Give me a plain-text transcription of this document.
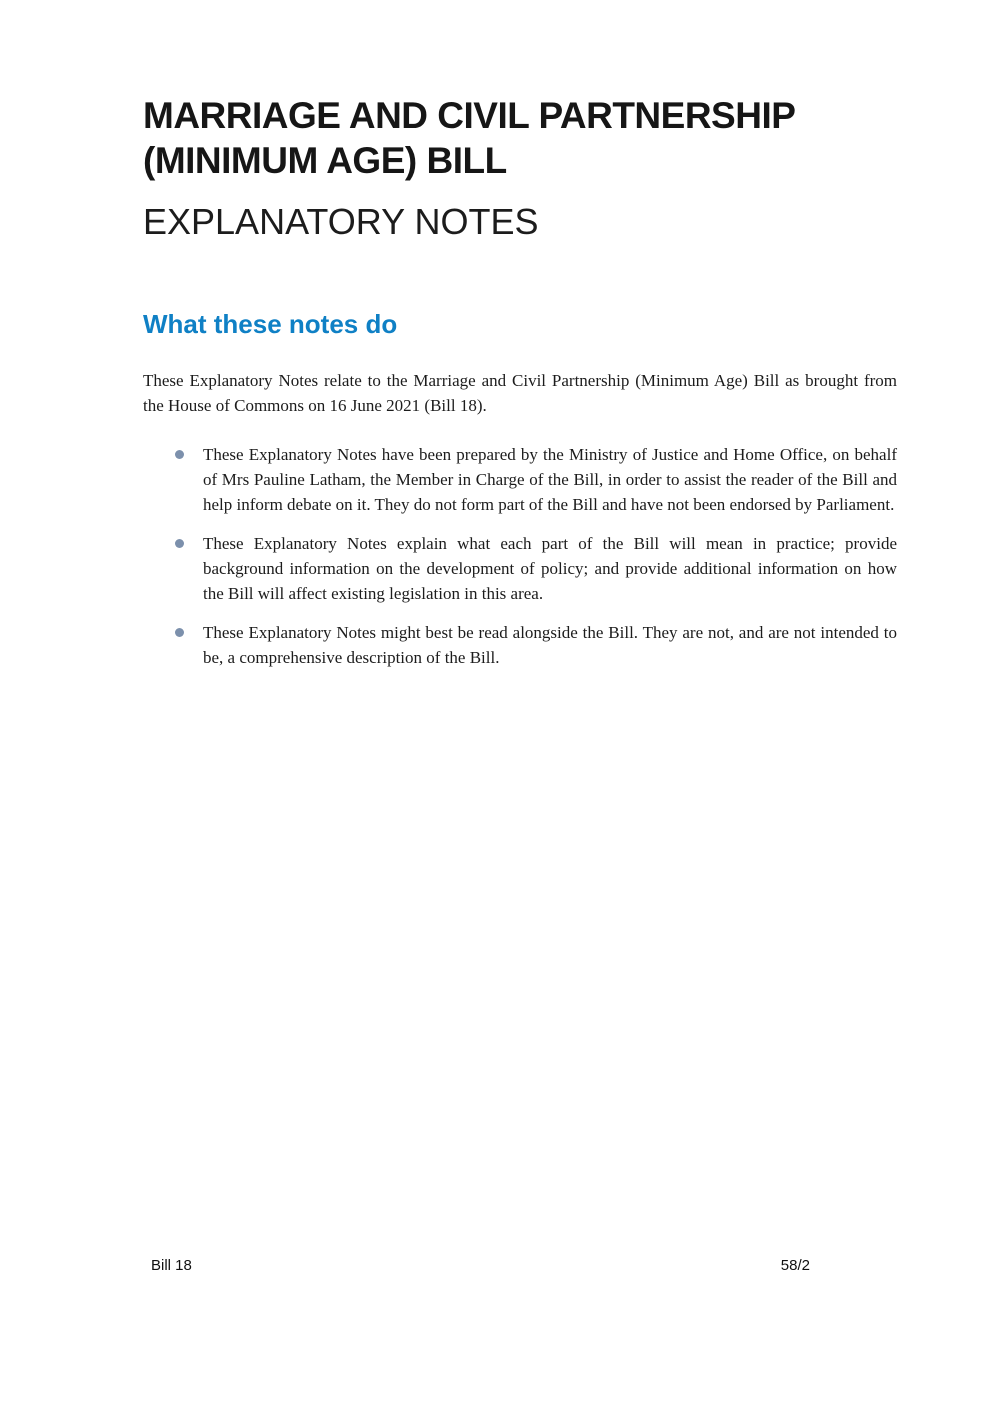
MARRIAGE AND CIVIL PARTNERSHIP
(MINIMUM AGE) BILL
EXPLANATORY NOTES
What these notes do

These Explanatory Notes relate to the Marriage and Civil Partnership (Minimum Age) Bill as brought from the House of Commons on 16 June 2021 (Bill 18).

These Explanatory Notes have been prepared by the Ministry of Justice and Home Office, on behalf of Mrs Pauline Latham, the Member in Charge of the Bill, in order to assist the reader of the Bill and help inform debate on it. They do not form part of the Bill and have not been endorsed by Parliament.
These Explanatory Notes explain what each part of the Bill will mean in practice; provide background information on the development of policy; and provide additional information on how the Bill will affect existing legislation in this area.
These Explanatory Notes might best be read alongside the Bill. They are not, and are not intended to be, a comprehensive description of the Bill.
Bill 18	58/2
